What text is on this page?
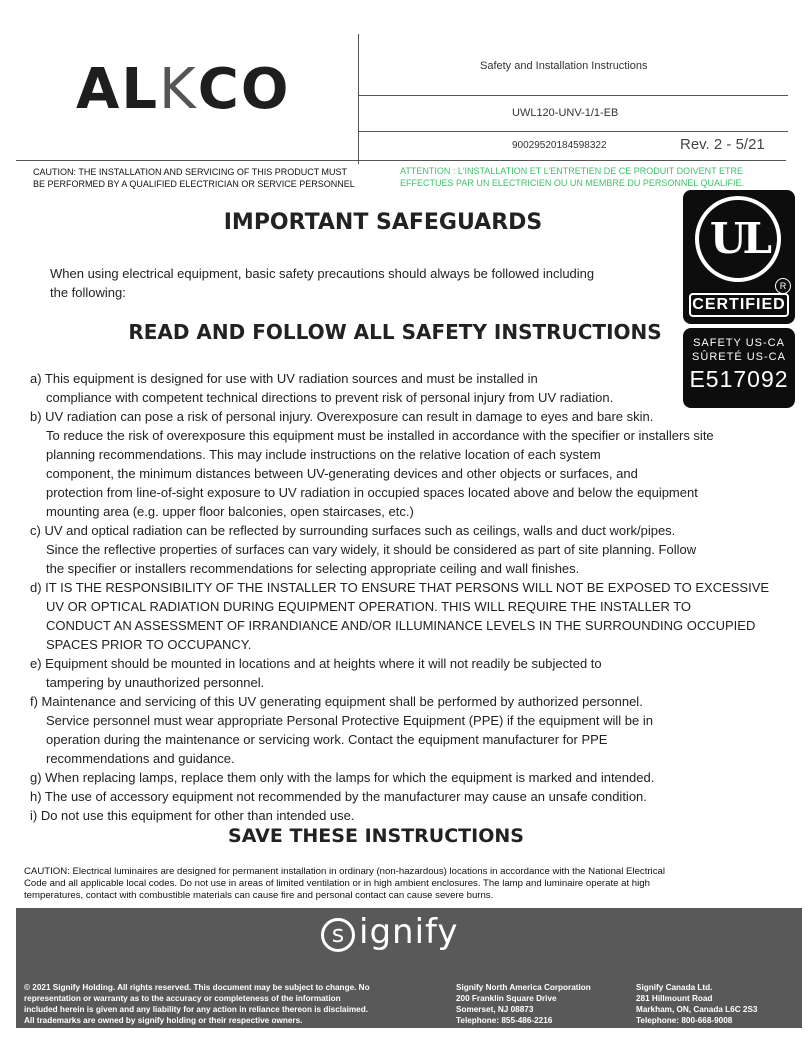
ALKCO	Safety and Installation Instructions
UWL120-UNV-1/1-EB
900295201845983​22	Rev. 2 - 5/21
CAUTION: THE INSTALLATION AND SERVICING OF THIS PRODUCT MUST
BE PERFORMED BY A QUALIFIED ELECTRICIAN OR SERVICE PERSONNEL
ATTENTION : L'INSTALLATION ET L'ENTRETIEN DE CE PRODUIT DOIVENT ETRE
EFFECTUES PAR UN ELECTRICIEN OU UN MEMBRE DU PERSONNEL QUALIFIE.
UL
R
CERTIFIED
SAFETY US-CA
SÛRETÉ US-CA
E517092
IMPORTANT SAFEGUARDS
When using electrical equipment, basic safety precautions should always be followed including
the following:
READ AND FOLLOW ALL SAFETY INSTRUCTIONS
a) This equipment is designed for use with UV radiation sources and must be installed in
compliance with competent technical directions to prevent risk of personal injury from UV radiation.
b) UV radiation can pose a risk of personal injury. Overexposure can result in damage to eyes and bare skin.
To reduce the risk of overexposure this equipment must be installed in accordance with the specifier or installers site
planning recommendations. This may include instructions on the relative location of each system
component, the minimum distances between UV-generating devices and other objects or surfaces, and
protection from line-of-sight exposure to UV radiation in occupied spaces located above and below the equipment
mounting area (e.g. upper floor balconies, open staircases, etc.)
c) UV and optical radiation can be reflected by surrounding surfaces such as ceilings, walls and duct work/pipes.
Since the reflective properties of surfaces can vary widely, it should be considered as part of site planning. Follow
the specifier or installers recommendations for selecting appropriate ceiling and wall finishes.
d) IT IS THE RESPONSIBILITY OF THE INSTALLER TO ENSURE THAT PERSONS WILL NOT BE EXPOSED TO EXCESSIVE
UV OR OPTICAL RADIATION DURING EQUIPMENT OPERATION. THIS WILL REQUIRE THE INSTALLER TO
CONDUCT AN ASSESSMENT OF IRRANDIANCE AND/OR ILLUMINANCE LEVELS IN THE SURROUNDING OCCUPIED
SPACES PRIOR TO OCCUPANCY.
e) Equipment should be mounted in locations and at heights where it will not readily be subjected to
tampering by unauthorized personnel.
f) Maintenance and servicing of this UV generating equipment shall be performed by authorized personnel.
Service personnel must wear appropriate Personal Protective Equipment (PPE) if the equipment will be in
operation during the maintenance or servicing work. Contact the equipment manufacturer for PPE
recommendations and guidance.
g) When replacing lamps, replace them only with the lamps for which the equipment is marked and intended.
h) The use of accessory equipment not recommended by the manufacturer may cause an unsafe condition.
i) Do not use this equipment for other than intended use.
SAVE THESE INSTRUCTIONS
CAUTION: Electrical luminaires are designed for permanent installation in ordinary (non-hazardous) locations in accordance with the National Electrical
Code and all applicable local codes. Do not use in areas of limited ventilation or in high ambient enclosures. The lamp and luminaire operate at high
temperatures, contact with combustible materials can cause fire and personal contact can cause severe burns.
s ignify
© 2021 Signify Holding. All rights reserved. This document may be subject to change. No
representation or warranty as to the accuracy or completeness of the information
included herein is given and any liability for any action in reliance thereon is disclaimed.
All trademarks are owned by signify holding or their respective owners.
Signify North America Corporation
200 Franklin Square Drive
Somerset, NJ 08873
Telephone: 855-486-2216
Signify Canada Ltd.
281 Hillmount Road
Markham, ON, Canada L6C 2S3
Telephone: 800-668-9008
